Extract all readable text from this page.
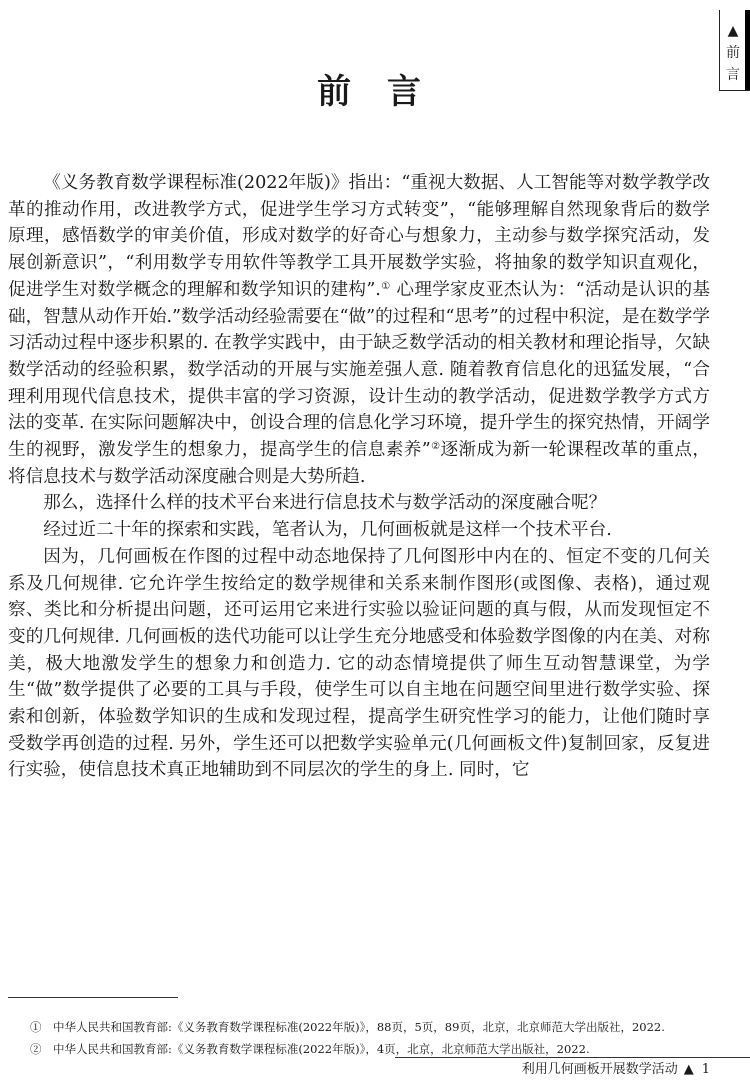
▲
前
言
前 言

《义务教育数学课程标准(2022年版)》指出：“重视大数据、人工智能等对数学教学改革的推动作用，改进教学方式，促进学生学习方式转变”，“能够理解自然现象背后的数学原理，感悟数学的审美价值，形成对数学的好奇心与想象力，主动参与数学探究活动，发展创新意识”，“利用数学专用软件等教学工具开展数学实验，将抽象的数学知识直观化，促进学生对数学概念的理解和数学知识的建构”.① 心理学家皮亚杰认为：“活动是认识的基础，智慧从动作开始.”数学活动经验需要在“做”的过程和“思考”的过程中积淀，是在数学学习活动过程中逐步积累的. 在教学实践中，由于缺乏数学活动的相关教材和理论指导，欠缺数学活动的经验积累，数学活动的开展与实施差强人意. 随着教育信息化的迅猛发展，“合理利用现代信息技术，提供丰富的学习资源，设计生动的教学活动，促进数学教学方式方法的变革. 在实际问题解决中，创设合理的信息化学习环境，提升学生的探究热情，开阔学生的视野，激发学生的想象力，提高学生的信息素养”②逐渐成为新一轮课程改革的重点，将信息技术与数学活动深度融合则是大势所趋.

那么，选择什么样的技术平台来进行信息技术与数学活动的深度融合呢？

经过近二十年的探索和实践，笔者认为，几何画板就是这样一个技术平台.

因为，几何画板在作图的过程中动态地保持了几何图形中内在的、恒定不变的几何关系及几何规律. 它允许学生按给定的数学规律和关系来制作图形(或图像、表格)，通过观察、类比和分析提出问题，还可运用它来进行实验以验证问题的真与假，从而发现恒定不变的几何规律. 几何画板的迭代功能可以让学生充分地感受和体验数学图像的内在美、对称美，极大地激发学生的想象力和创造力. 它的动态情境提供了师生互动智慧课堂，为学生“做”数学提供了必要的工具与手段，使学生可以自主地在问题空间里进行数学实验、探索和创新，体验数学知识的生成和发现过程，提高学生研究性学习的能力，让他们随时享受数学再创造的过程. 另外，学生还可以把数学实验单元(几何画板文件)复制回家，反复进行实验，使信息技术真正地辅助到不同层次的学生的身上. 同时，它

①　中华人民共和国教育部:《义务教育数学课程标准(2022年版)》，88页，5页，89页，北京，北京师范大学出版社，2022.

②　中华人民共和国教育部:《义务教育数学课程标准(2022年版)》，4页，北京，北京师范大学出版社，2022.

利用几何画板开展数学活动 ▲ 1
